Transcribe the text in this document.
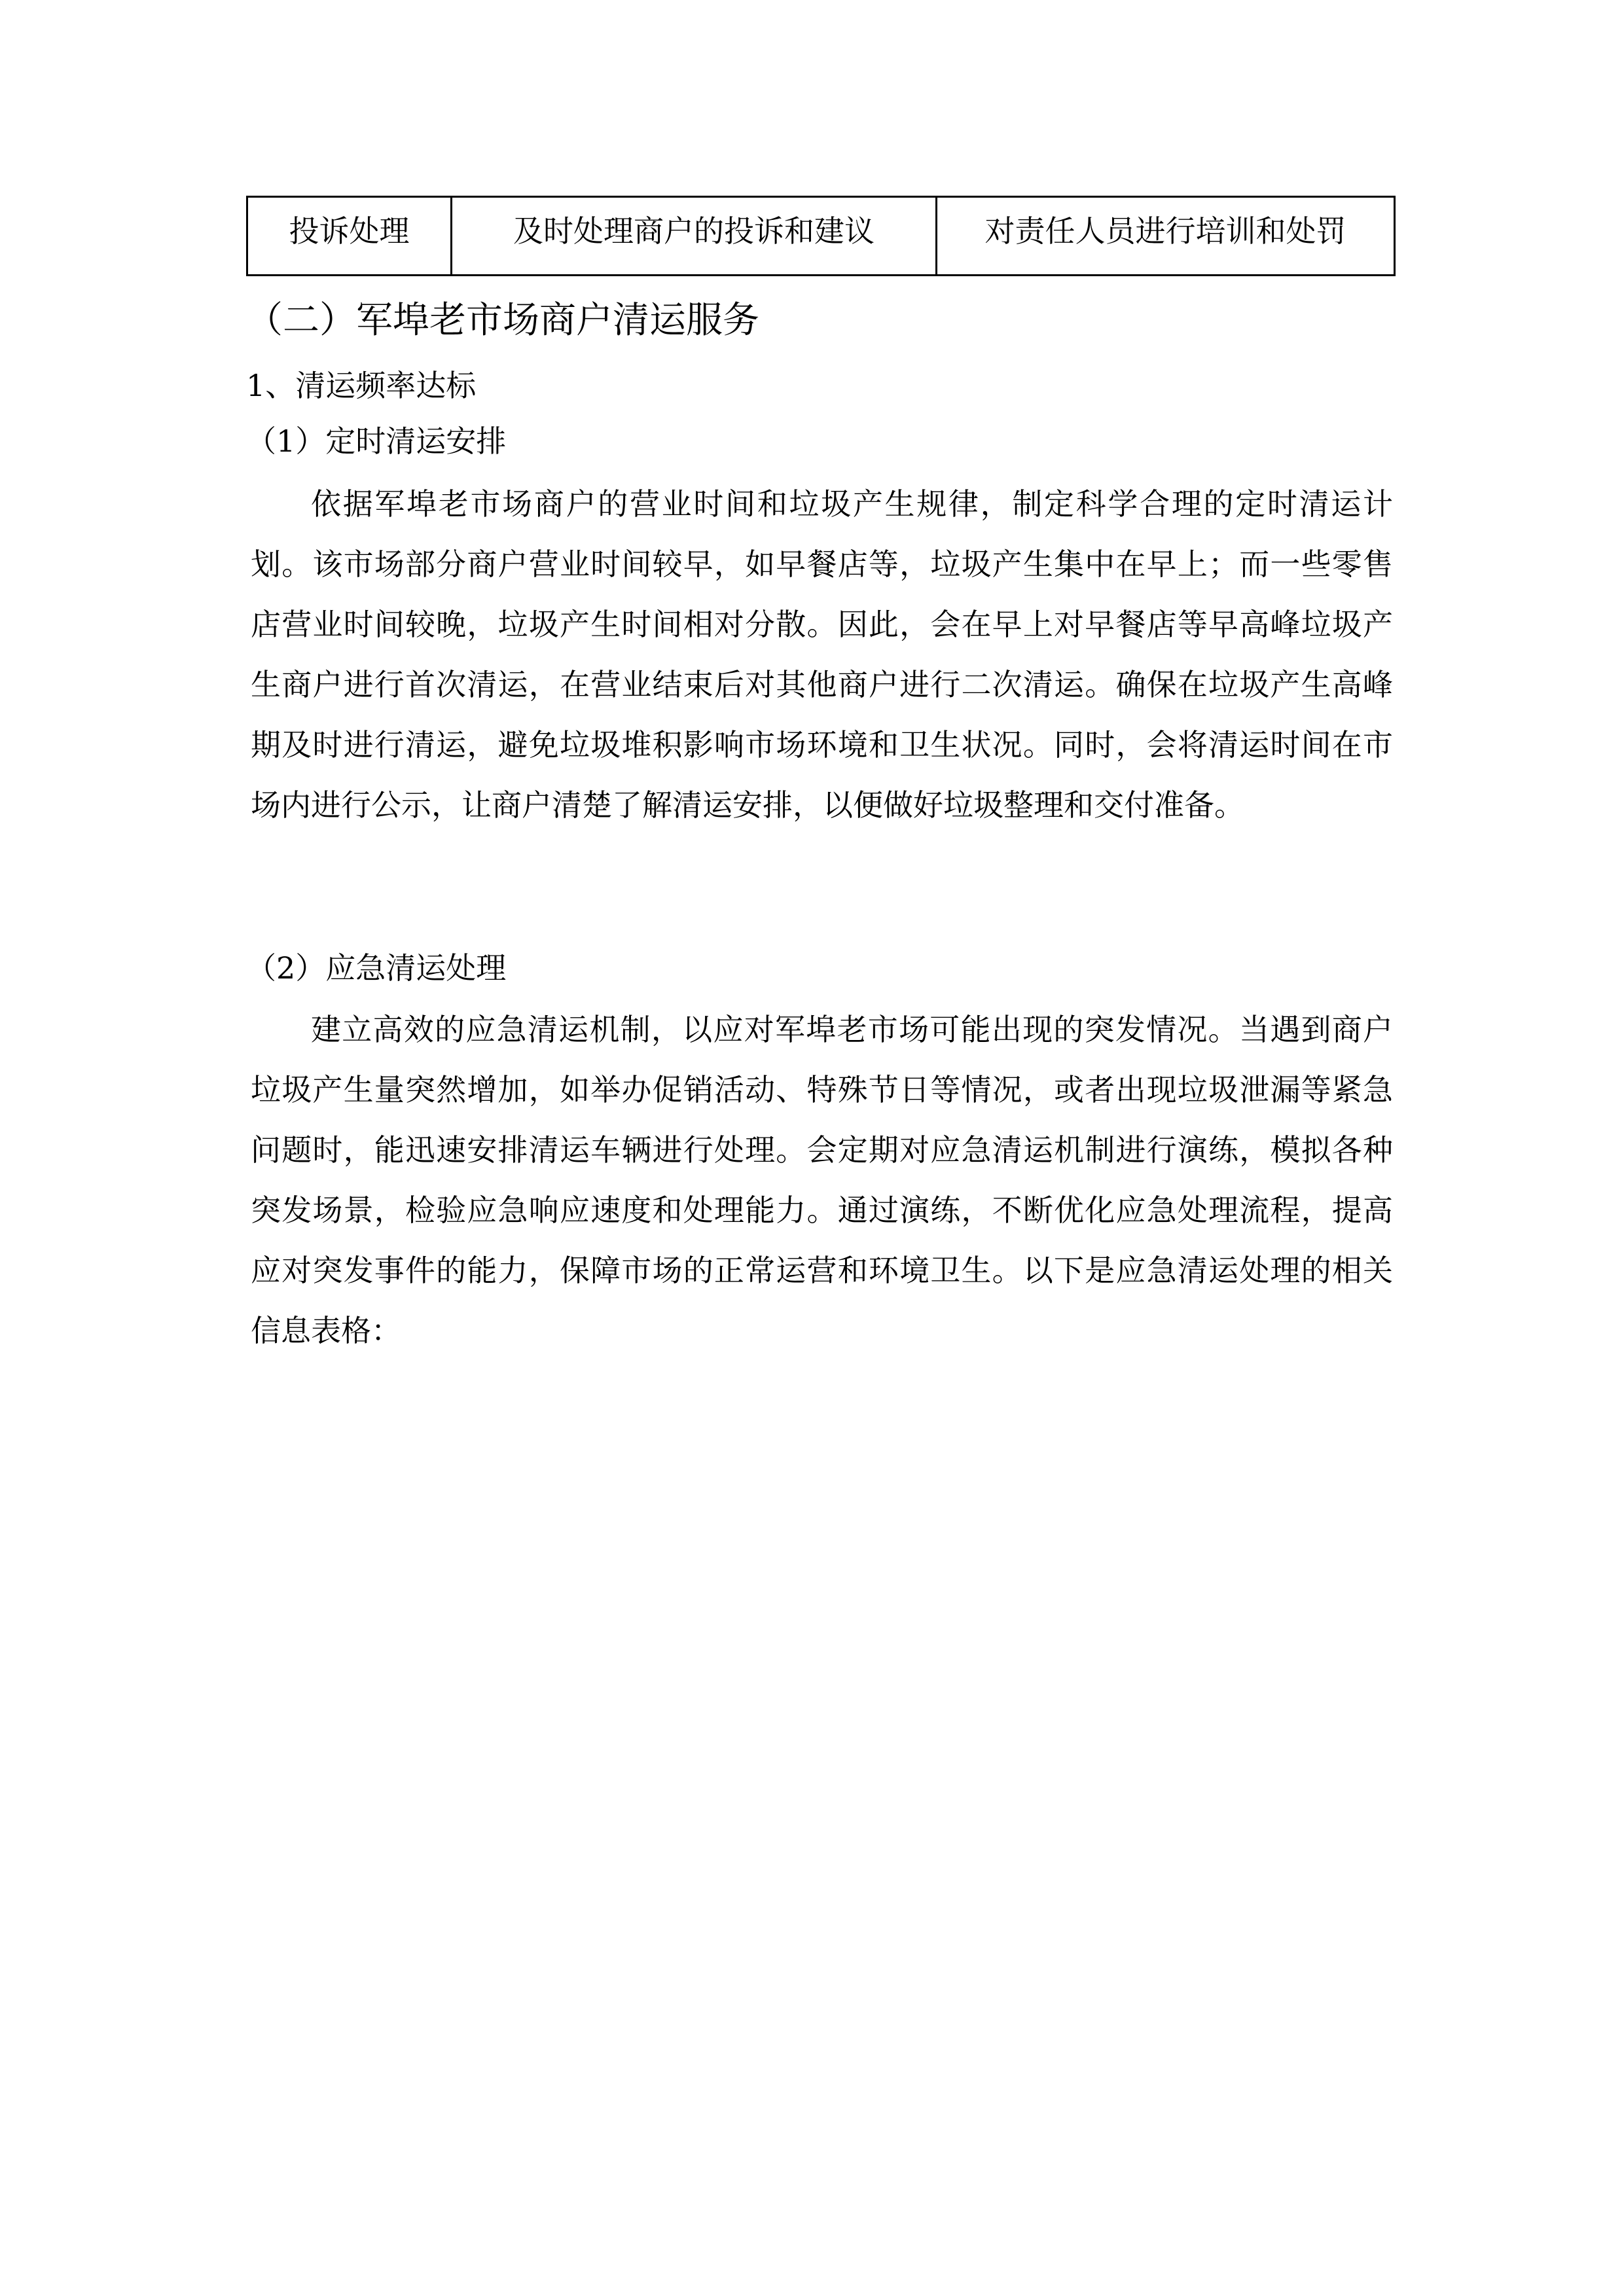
投诉处理	及时处理商户的投诉和建议	对责任人员进行培训和处罚
（二）军埠老市场商户清运服务
1、清运频率达标
（1）定时清运安排

依据军埠老市场商户的营业时间和垃圾产生规律，制定科学合理的定时清运计划。该市场部分商户营业时间较早，如早餐店等，垃圾产生集中在早上；而一些零售店营业时间较晚，垃圾产生时间相对分散。因此，会在早上对早餐店等早高峰垃圾产生商户进行首次清运，在营业结束后对其他商户进行二次清运。确保在垃圾产生高峰期及时进行清运，避免垃圾堆积影响市场环境和卫生状况。同时，会将清运时间在市场内进行公示，让商户清楚了解清运安排，以便做好垃圾整理和交付准备。

（2）应急清运处理

建立高效的应急清运机制，以应对军埠老市场可能出现的突发情况。当遇到商户垃圾产生量突然增加，如举办促销活动、特殊节日等情况，或者出现垃圾泄漏等紧急问题时，能迅速安排清运车辆进行处理。会定期对应急清运机制进行演练，模拟各种突发场景，检验应急响应速度和处理能力。通过演练，不断优化应急处理流程，提高应对突发事件的能力，保障市场的正常运营和环境卫生。以下是应急清运处理的相关信息表格：
